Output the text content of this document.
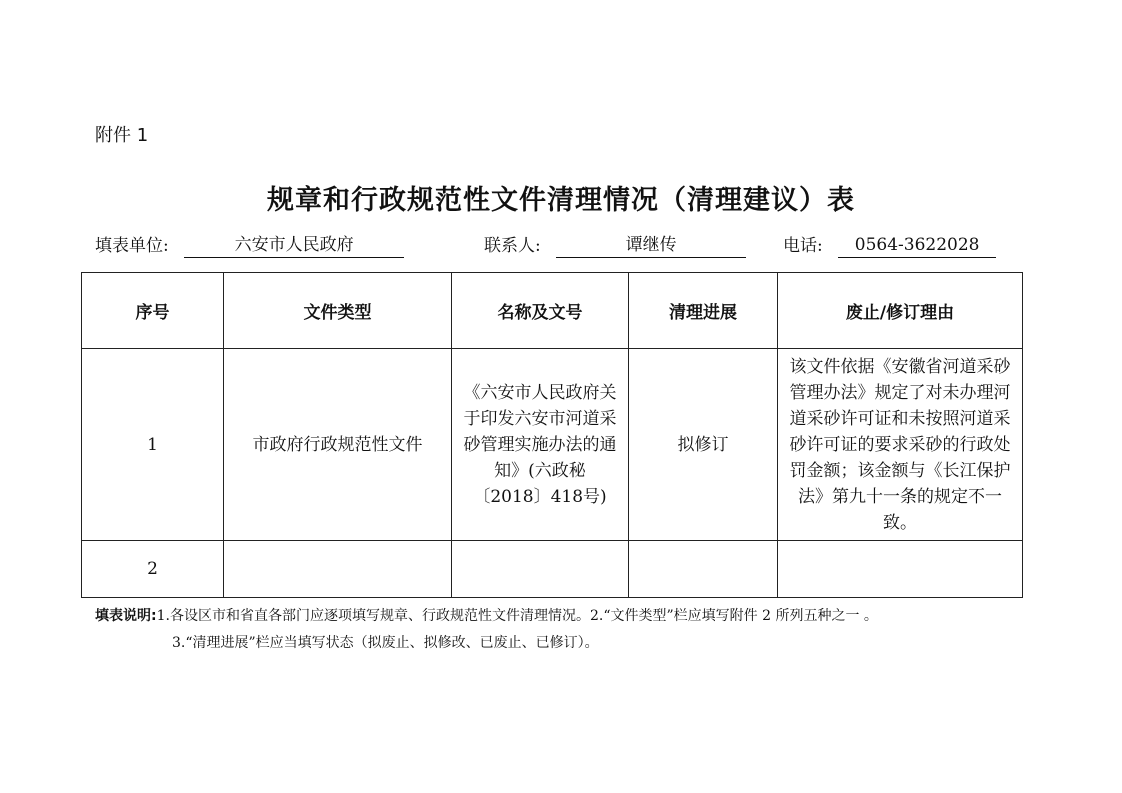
附件 1
规章和行政规范性文件清理情况（清理建议）表
填表单位:	六安市人民政府	联系人:	谭继传	电话: 0564-3622028
序号	文件类型	名称及文号	清理进展	废止/修订理由
1	市政府行政规范性文件	《六安市人民政府关于印发六安市河道采砂管理实施办法的通知》(六政秘〔2018〕418号)	拟修订	该文件依据《安徽省河道采砂管理办法》规定了对未办理河道采砂许可证和未按照河道采砂许可证的要求采砂的行政处罚金额；该金额与《长江保护法》第九十一条的规定不一致。
2				
填表说明:1.各设区市和省直各部门应逐项填写规章、行政规范性文件清理情况。2.“文件类型”栏应填写附件 2 所列五种之一 。
3.“清理进展”栏应当填写状态（拟废止、拟修改、已废止、已修订）。
